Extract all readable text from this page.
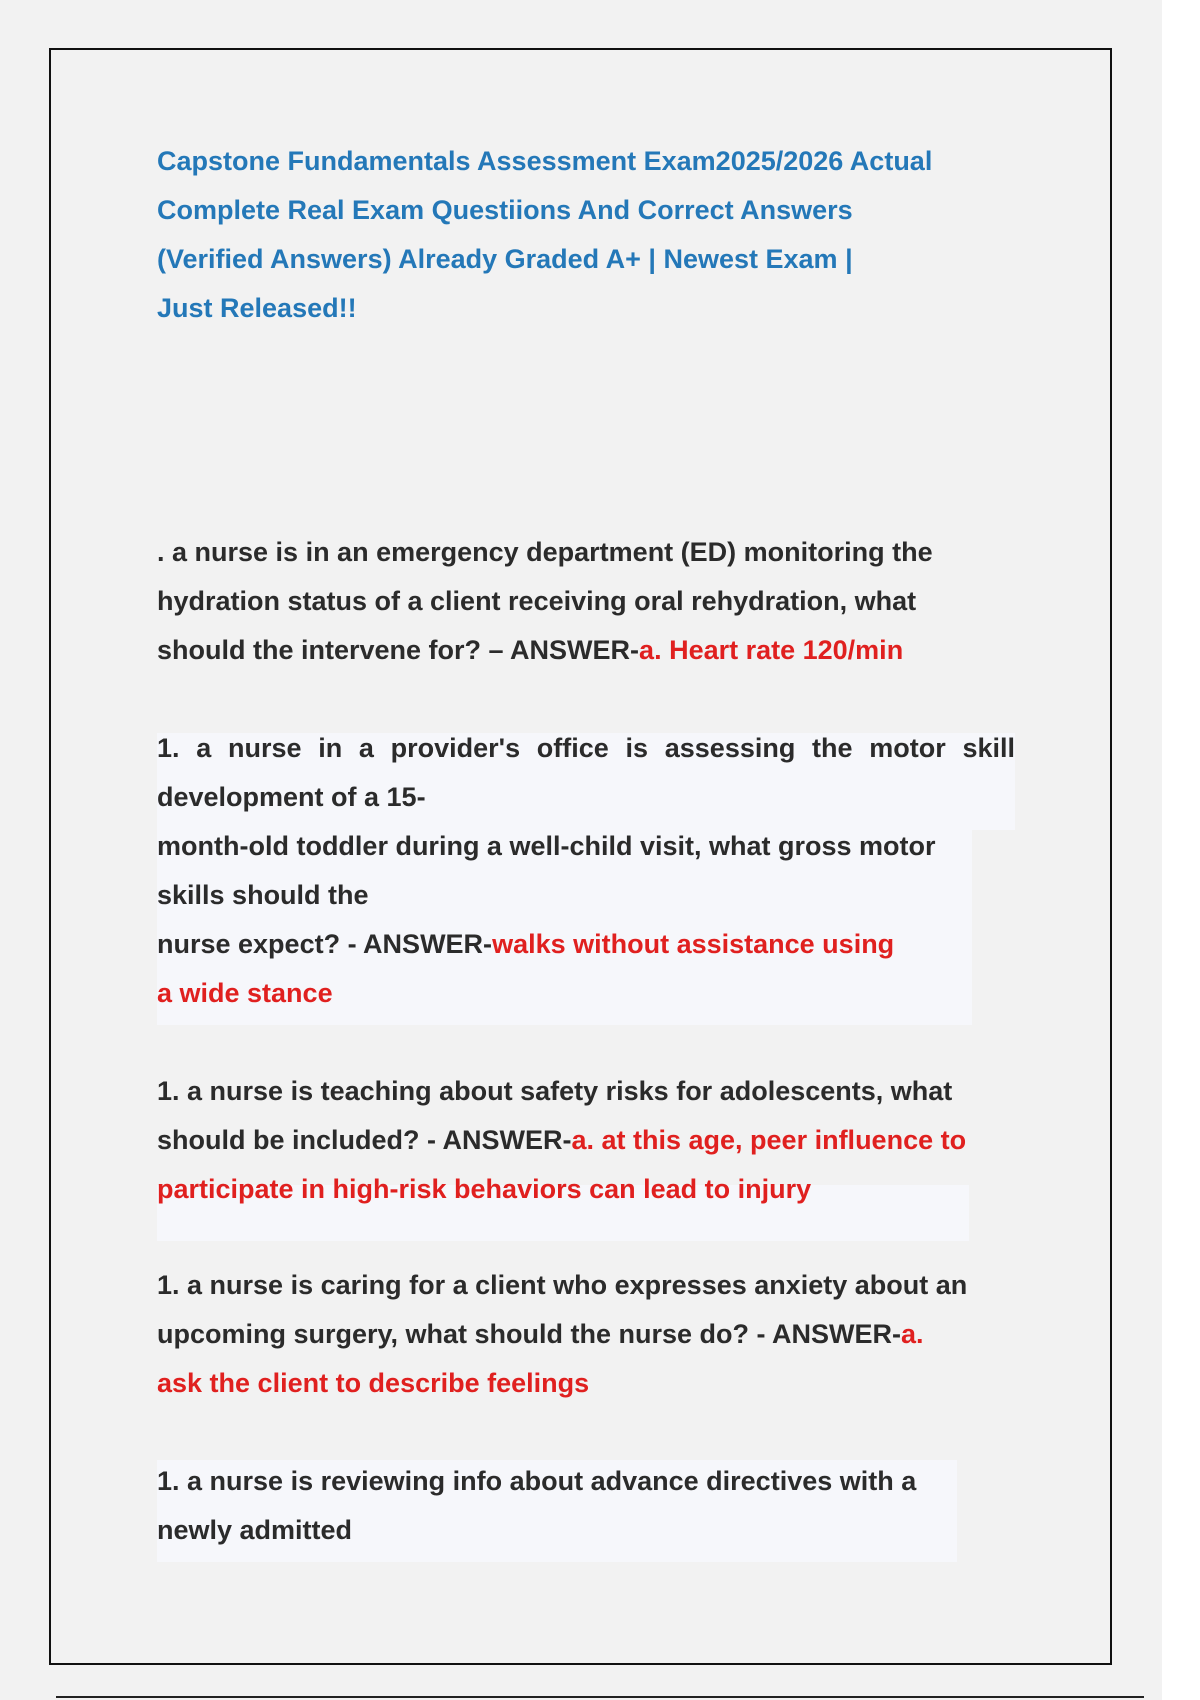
Capstone Fundamentals Assessment Exam2025/2026 Actual
Complete Real Exam Questiions And Correct Answers
(Verified Answers) Already Graded A+ | Newest Exam |
Just Released!!
. a nurse is in an emergency department (ED) monitoring the
hydration status of a client receiving oral rehydration, what
should the intervene for? – ANSWER-a. Heart rate 120/min
1. a nurse in a provider's office is assessing the motor skill
development of a 15-
month-old toddler during a well-child visit, what gross motor
skills should the
nurse expect? - ANSWER-walks without assistance using
a wide stance
1. a nurse is teaching about safety risks for adolescents, what
should be included? - ANSWER-a. at this age, peer influence to
participate in high-risk behaviors can lead to injury
1. a nurse is caring for a client who expresses anxiety about an
upcoming surgery, what should the nurse do? - ANSWER-a.
ask the client to describe feelings
1. a nurse is reviewing info about advance directives with a
newly admitted
